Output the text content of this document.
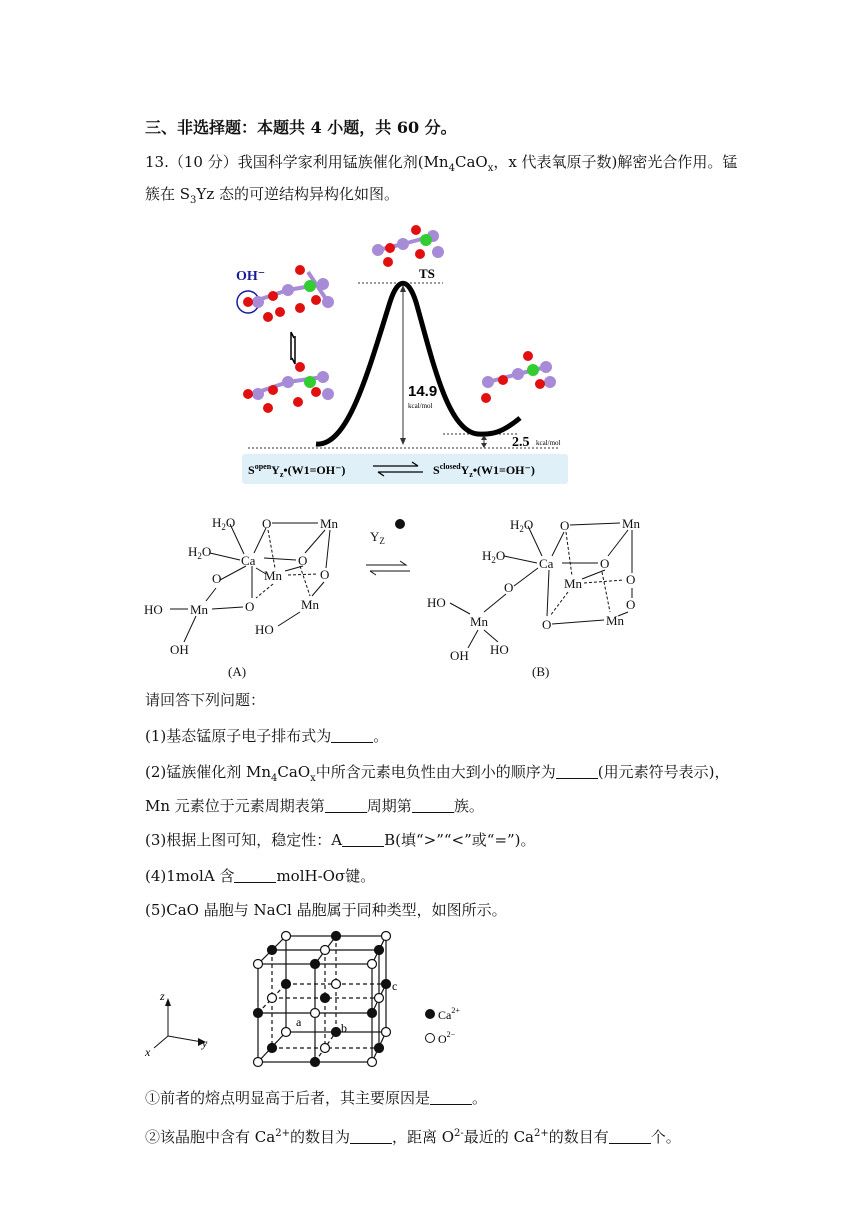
三、非选择题：本题共 4 小题，共 60 分。
13.（10 分）我国科学家利用锰族催化剂($Mn_4CaO_x$，x 代表氧原子数)解密光合作用。锰
簇在 $S_3Yz$ 态的可逆结构异构化如图。
14.9
kcal/mol
2.5 kcal/mol
TS
OH⁻
$S^{open}Y_z•(W1=OH^-)$	$S^{closed}Y_z•(W1=OH^-)$
$H_2O$
$H_2O$
O	Mn
Ca	O
Mn
O	O
O
Mn
HO	Mn
OH
HO
(A)
$Y_Z$
$H_2O$
$H_2O$
O	Mn
Ca	O
Mn	O
O
O
HO
Mn	O	Mn
OH HO
(B)
请回答下列问题：
(1)基态锰原子电子排布式为	。
(2)锰族催化剂 $Mn_4CaO_x$中所含元素电负性由大到小的顺序为	(用元素符号表示)，
Mn 元素位于元素周期表第	周期第	族。
(3)根据上图可知，稳定性：A	B(填“>”“<”或“=”)。
(4)1molA 含	molH-Oσ键。
(5)CaO 晶胞与 NaCl 晶胞属于同种类型，如图所示。
z
y
x
a	b
c
$Ca^{2+}$
$O^{2-}$
①前者的熔点明显高于后者，其主要原因是	。
②该晶胞中含有 $Ca^{2+}$的数目为	，距离 $O^{2-}$最近的 $Ca^{2+}$的数目有	个。
